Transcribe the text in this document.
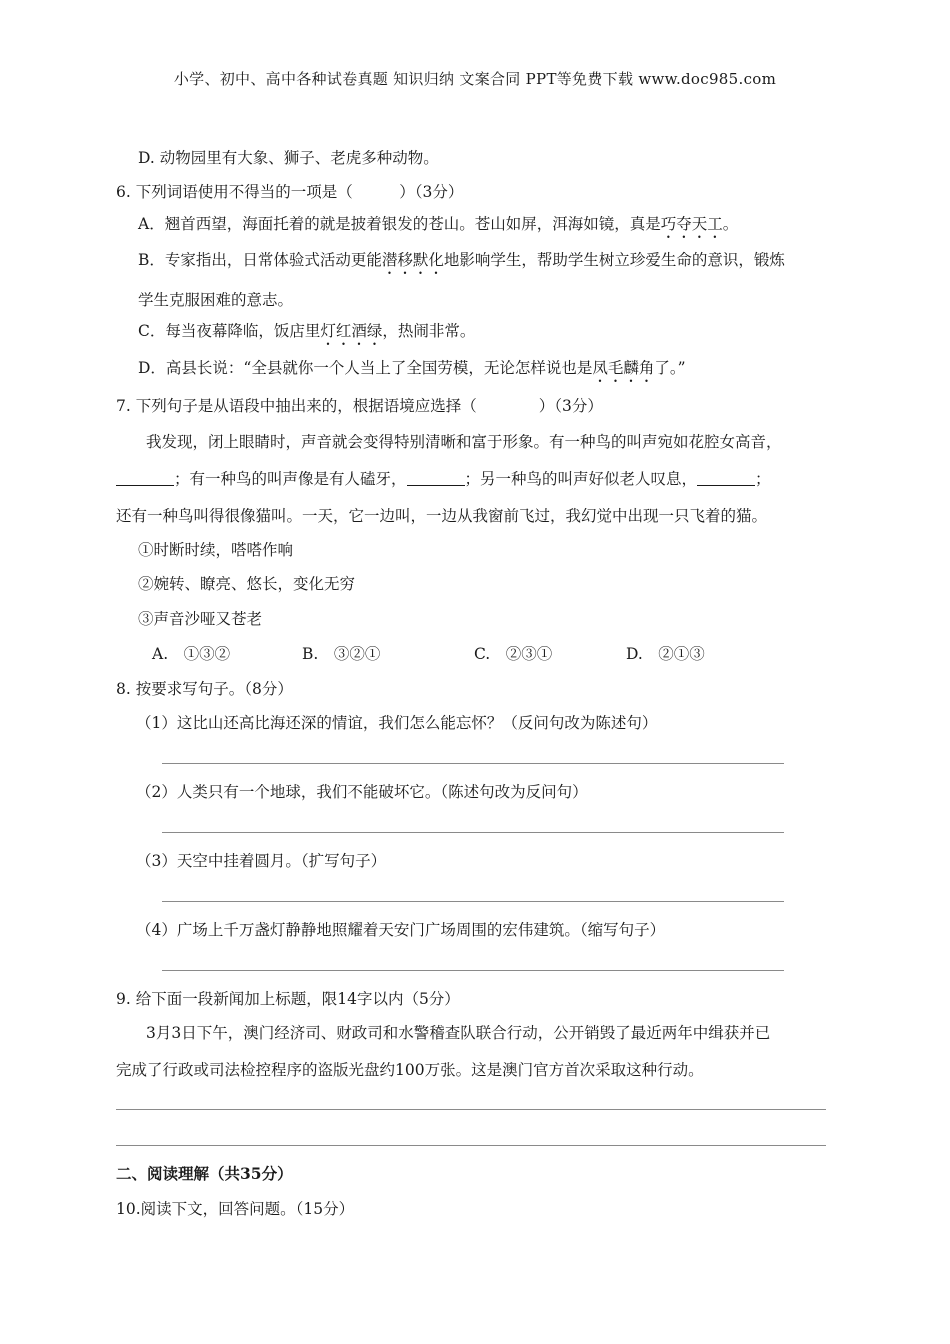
小学、初中、高中各种试卷真题 知识归纳 文案合同 PPT等免费下载 www.doc985.com
D. 动物园里有大象、狮子、老虎多种动物。
6. 下列词语使用不得当的一项是（　　　）（3分）
A．翘首西望，海面托着的就是披着银发的苍山。苍山如屏，洱海如镜，真是巧夺天工。
B．专家指出，日常体验式活动更能潜移默化地影响学生，帮助学生树立珍爱生命的意识，锻炼
学生克服困难的意志。
C．每当夜幕降临，饭店里灯红酒绿，热闹非常。
D．高县长说：“全县就你一个人当上了全国劳模，无论怎样说也是凤毛麟角了。”
7. 下列句子是从语段中抽出来的，根据语境应选择（　　　　）（3分）
我发现，闭上眼睛时，声音就会变得特别清晰和富于形象。有一种鸟的叫声宛如花腔女高音，
；有一种鸟的叫声像是有人磕牙，	；另一种鸟的叫声好似老人叹息，	；
还有一种鸟叫得很像猫叫。一天，它一边叫，一边从我窗前飞过，我幻觉中出现一只飞着的猫。
①时断时续，嗒嗒作响
②婉转、瞭亮、悠长，变化无穷
③声音沙哑又苍老
A.　①③②	B.　③②①	C.　②③①	D.　②①③
8. 按要求写句子。（8分）
（1）这比山还高比海还深的情谊，我们怎么能忘怀？（反问句改为陈述句）
（2）人类只有一个地球，我们不能破坏它。（陈述句改为反问句）
（3）天空中挂着圆月。（扩写句子）
（4）广场上千万盏灯静静地照耀着天安门广场周围的宏伟建筑。（缩写句子）
9. 给下面一段新闻加上标题，限14字以内（5分）
3月3日下午，澳门经济司、财政司和水警稽查队联合行动，公开销毁了最近两年中缉获并已
完成了行政或司法检控程序的盗版光盘约100万张。这是澳门官方首次采取这种行动。
二、阅读理解（共35分）
10.阅读下文，回答问题。（15分）
